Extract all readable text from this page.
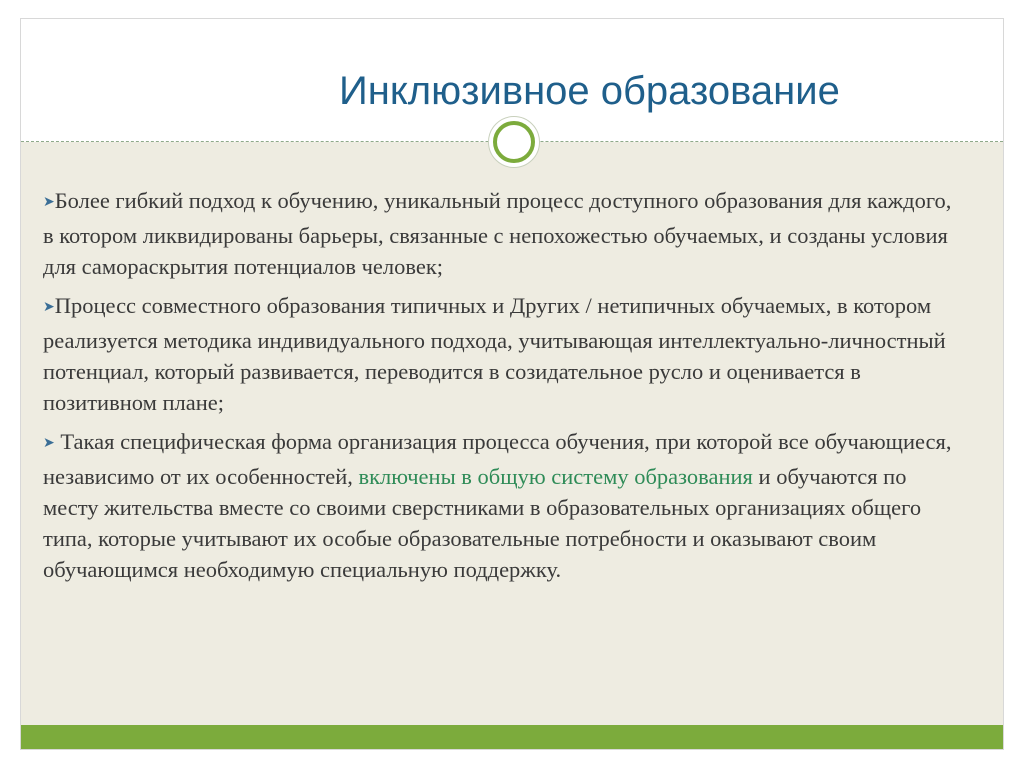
Инклюзивное образование

➤Более гибкий подход к обучению, уникальный процесс доступного образования для каждого, в котором ликвидированы барьеры, связанные с непохожестью обучаемых, и созданы условия для самораскрытия потенциалов человек;

➤Процесс совместного образования типичных и Других / нетипичных обучаемых, в котором реализуется методика индивидуального подхода, учитывающая интеллектуально-личностный потенциал, который развивается, переводится в созидательное русло и оценивается в позитивном плане;

➤ Такая специфическая форма организация процесса обучения, при которой все обучающиеся, независимо от их особенностей, включены в общую систему образования и обучаются по месту жительства вместе со своими сверстниками в образовательных организациях общего типа, которые учитывают их особые образовательные потребности и оказывают своим обучающимся необходимую специальную поддержку.
